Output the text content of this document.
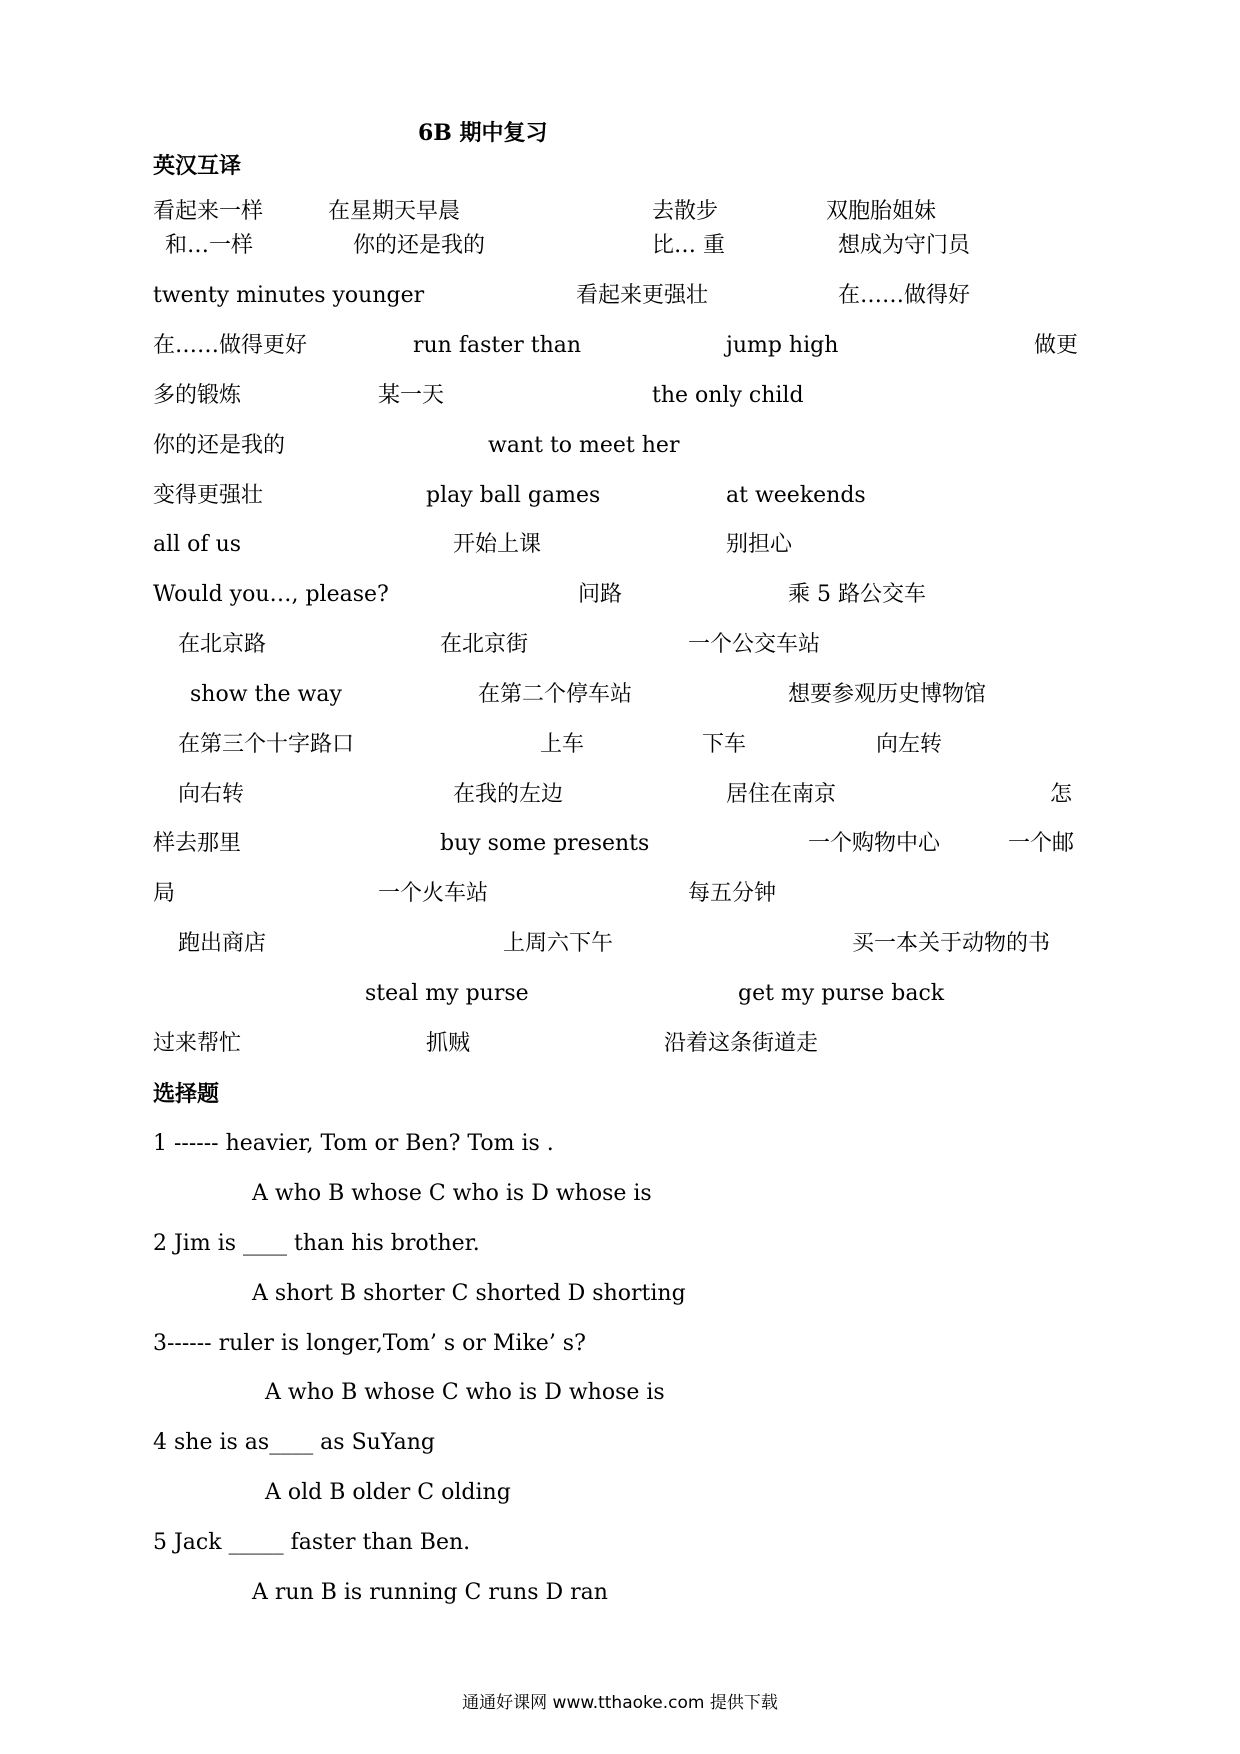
6B 期中复习
英汉互译
看起来一样	在星期天早晨	去散步	双胞胎姐妹
和…一样	你的还是我的	比… 重	想成为守门员
twenty minutes younger	看起来更强壮	在……做得好
在……做得更好	run faster than	jump high	做更
多的锻炼	某一天	the only child
你的还是我的	want to meet her
变得更强壮	play ball games	at weekends
all of us	开始上课	别担心
Would you…, please?	问路	乘 5 路公交车
在北京路	在北京街	一个公交车站
show the way	在第二个停车站	想要参观历史博物馆
在第三个十字路口	上车	下车	向左转
向右转	在我的左边	居住在南京	怎
样去那里	buy some presents	一个购物中心	一个邮
局	一个火车站	每五分钟
跑出商店	上周六下午	买一本关于动物的书
steal my purse	get my purse back
过来帮忙	抓贼	沿着这条街道走
选择题
1 ------ heavier, Tom or Ben? Tom is .
A who B whose C who is D whose is
2 Jim is ____ than his brother.
A short B shorter C shorted D shorting
3------ ruler is longer,Tom’ s or Mike’ s?
A who B whose C who is D whose is
4 she is as____ as SuYang
A old B older C olding
5 Jack _____ faster than Ben.
A run B is running C runs D ran
通通好课网 www.tthaoke.com 提供下载
